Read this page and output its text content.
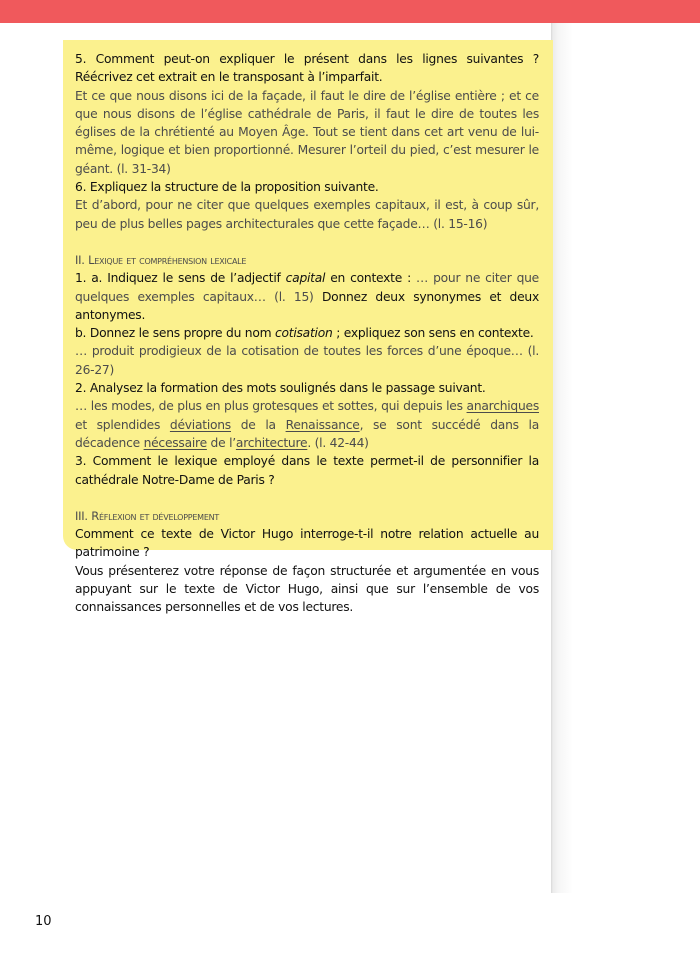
5. Comment peut-on expliquer le présent dans les lignes suivantes ? Réécrivez cet extrait en le transposant à l’imparfait.

Et ce que nous disons ici de la façade, il faut le dire de l’église entière ; et ce que nous disons de l’église cathédrale de Paris, il faut le dire de toutes les églises de la chrétienté au Moyen Âge. Tout se tient dans cet art venu de lui-même, logique et bien proportionné. Mesurer l’orteil du pied, c’est mesurer le géant. (l. 31-34)

6. Expliquez la structure de la proposition suivante.

Et d’abord, pour ne citer que quelques exemples capitaux, il est, à coup sûr, peu de plus belles pages architecturales que cette façade… (l. 15-16)

II. Lexique et compréhension lexicale

1. a. Indiquez le sens de l’adjectif capital en contexte : … pour ne citer que quelques exemples capitaux… (l. 15) Donnez deux synonymes et deux antonymes.

b. Donnez le sens propre du nom cotisation ; expliquez son sens en contexte.

… produit prodigieux de la cotisation de toutes les forces d’une époque… (l. 26-27)

2. Analysez la formation des mots soulignés dans le passage suivant.

… les modes, de plus en plus grotesques et sottes, qui depuis les anarchiques et splendides déviations de la Renaissance, se sont succédé dans la décadence nécessaire de l’architecture. (l. 42-44)

3. Comment le lexique employé dans le texte permet-il de personnifier la cathédrale Notre-Dame de Paris ?

III. Réflexion et développement

Comment ce texte de Victor Hugo interroge-t-il notre relation actuelle au patrimoine ?

Vous présenterez votre réponse de façon structurée et argumentée en vous appuyant sur le texte de Victor Hugo, ainsi que sur l’ensemble de vos connaissances personnelles et de vos lectures.

10
